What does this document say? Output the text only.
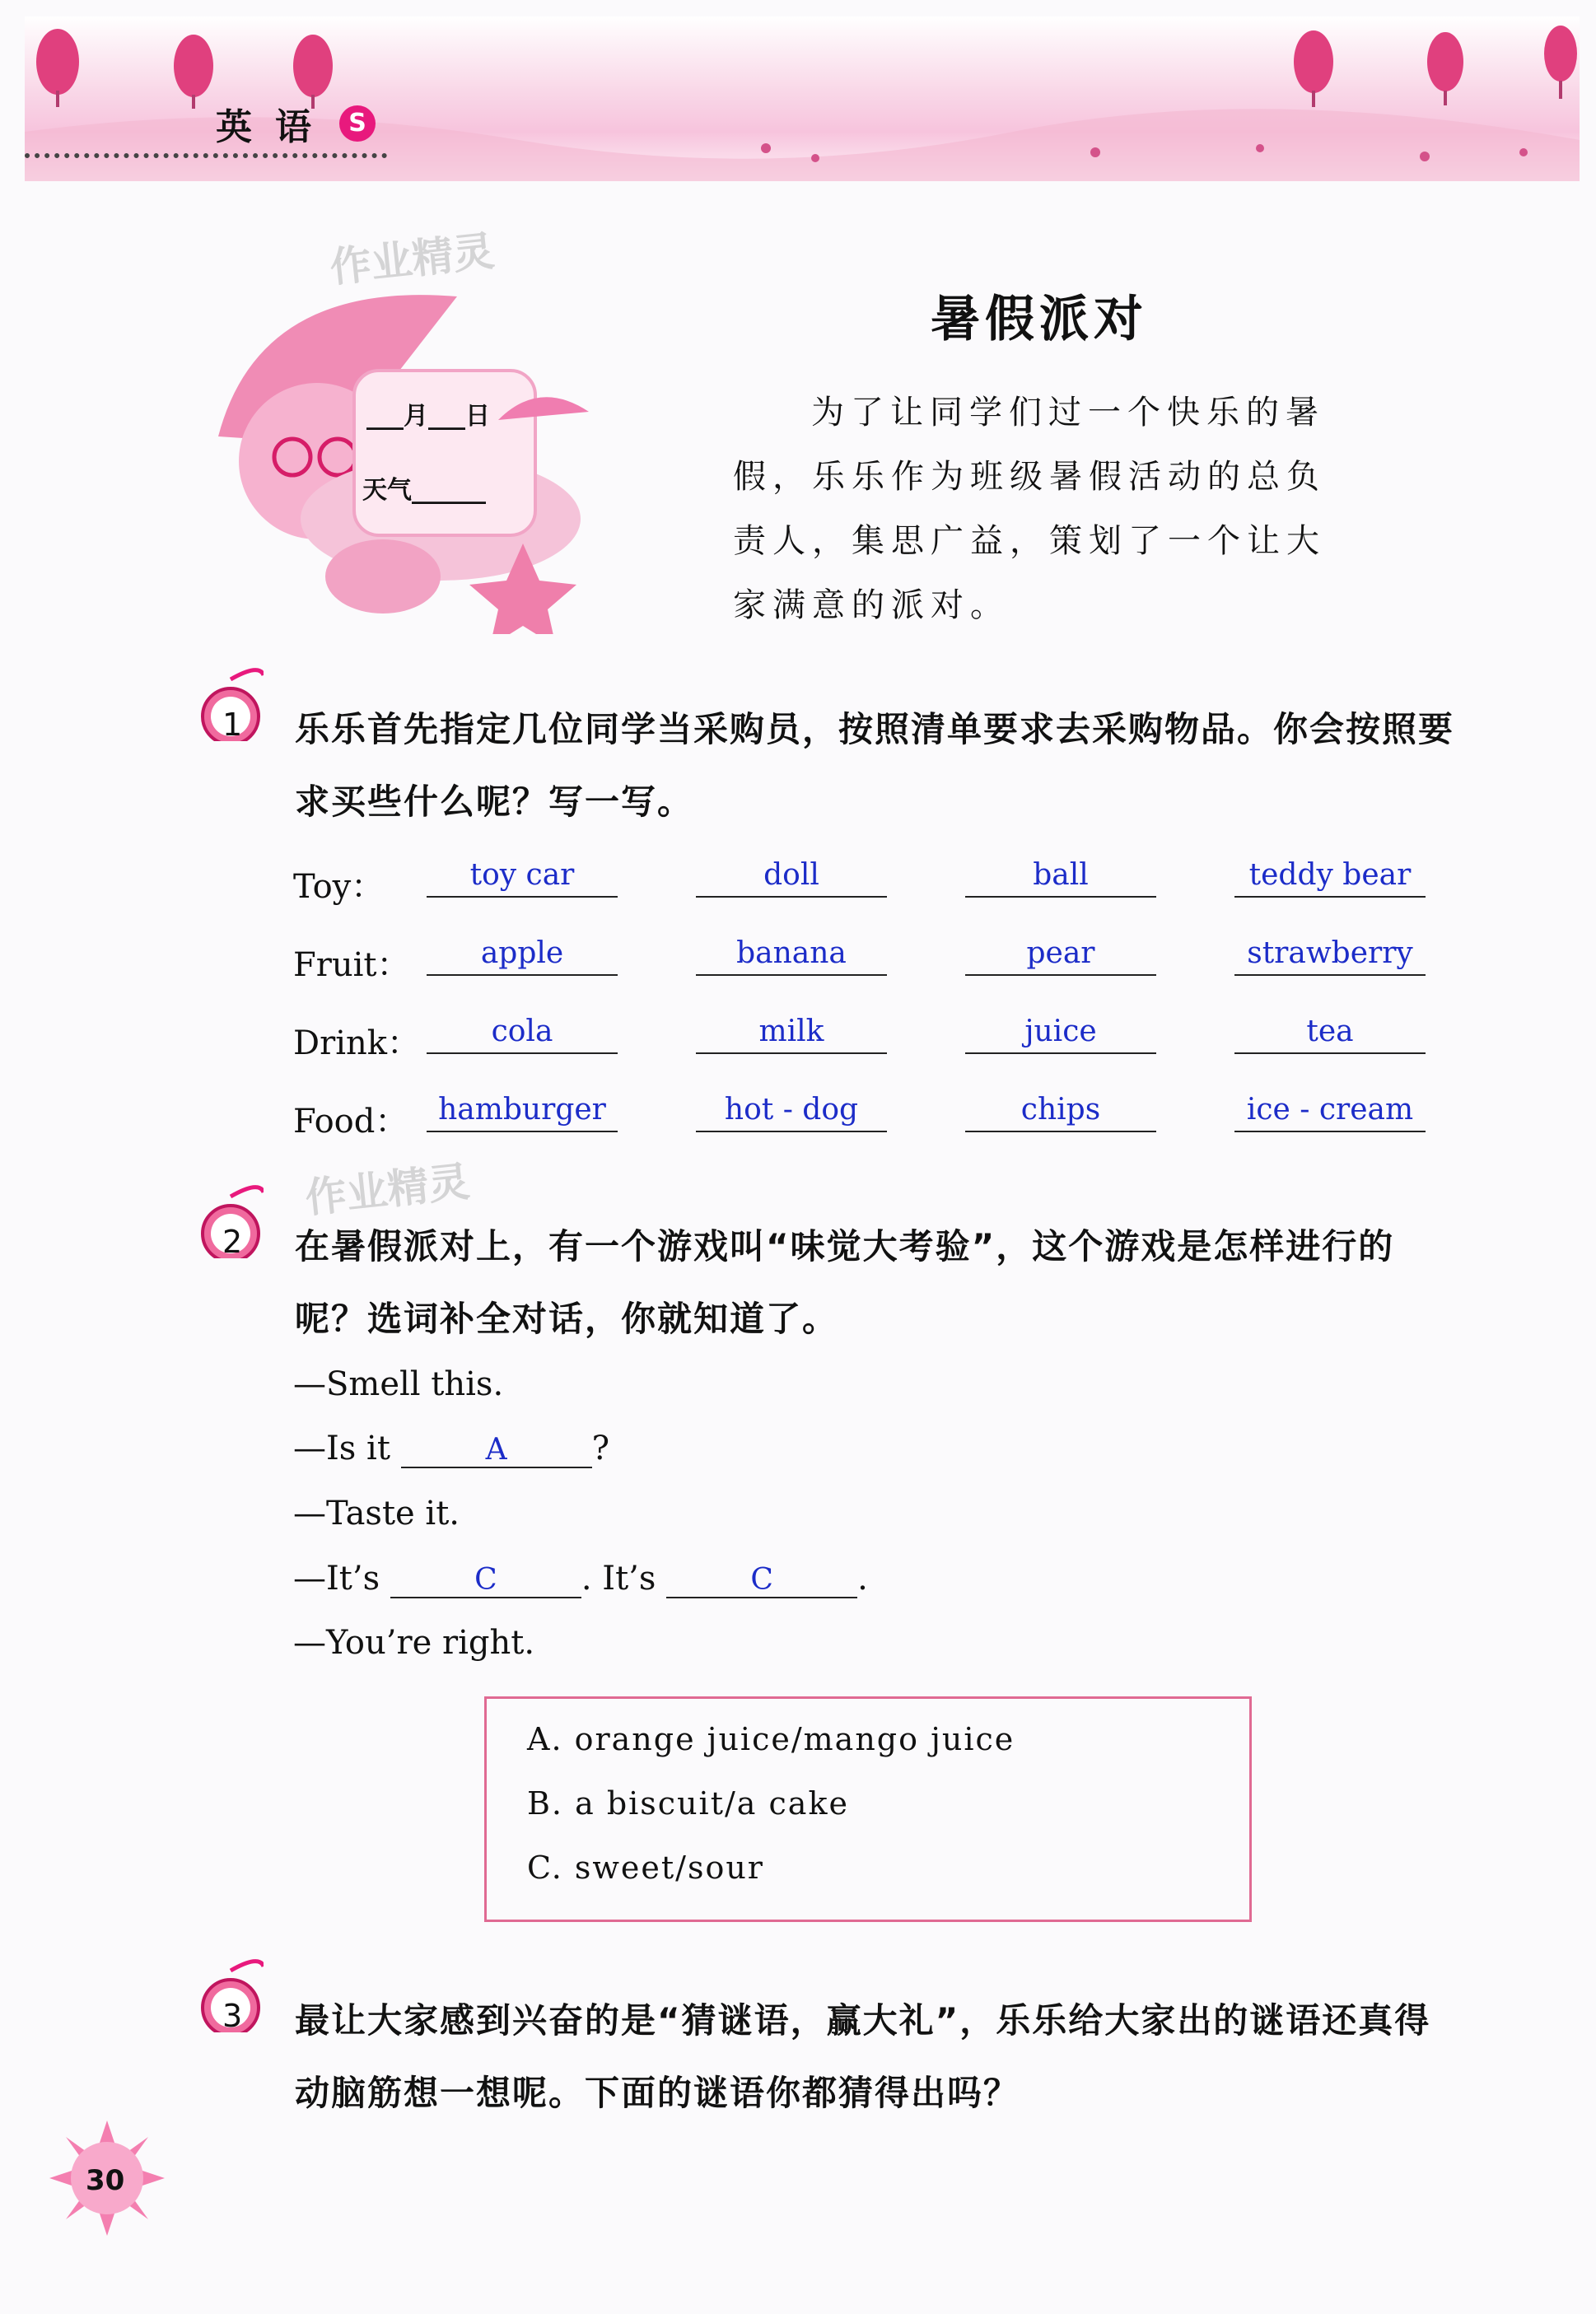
英语 S
作业精灵
作业精灵
___月___日
天气______
暑假派对
为了让同学们过一个快乐的暑假，乐乐作为班级暑假活动的总负责人，集思广益，策划了一个让大家满意的派对。
1 乐乐首先指定几位同学当采购员，按照清单要求去采购物品。你会按照要求买些什么呢？写一写。
Toy：	toy car	doll	ball	teddy bear
Fruit：	apple	banana	pear	strawberry
Drink：	cola	milk	juice	tea
Food：	hamburger	hot - dog	chips	ice - cream
2 在暑假派对上，有一个游戏叫“味觉大考验”，这个游戏是怎样进行的呢？选词补全对话，你就知道了。
—Smell this.
—Is it	A	?
—Taste it.
—It’s	C	. It’s	C	.
—You’re right.
A. orange juice/mango juice
B. a biscuit/a cake
C. sweet/sour
3 最让大家感到兴奋的是“猜谜语，赢大礼”，乐乐给大家出的谜语还真得动脑筋想一想呢。下面的谜语你都猜得出吗？
30
